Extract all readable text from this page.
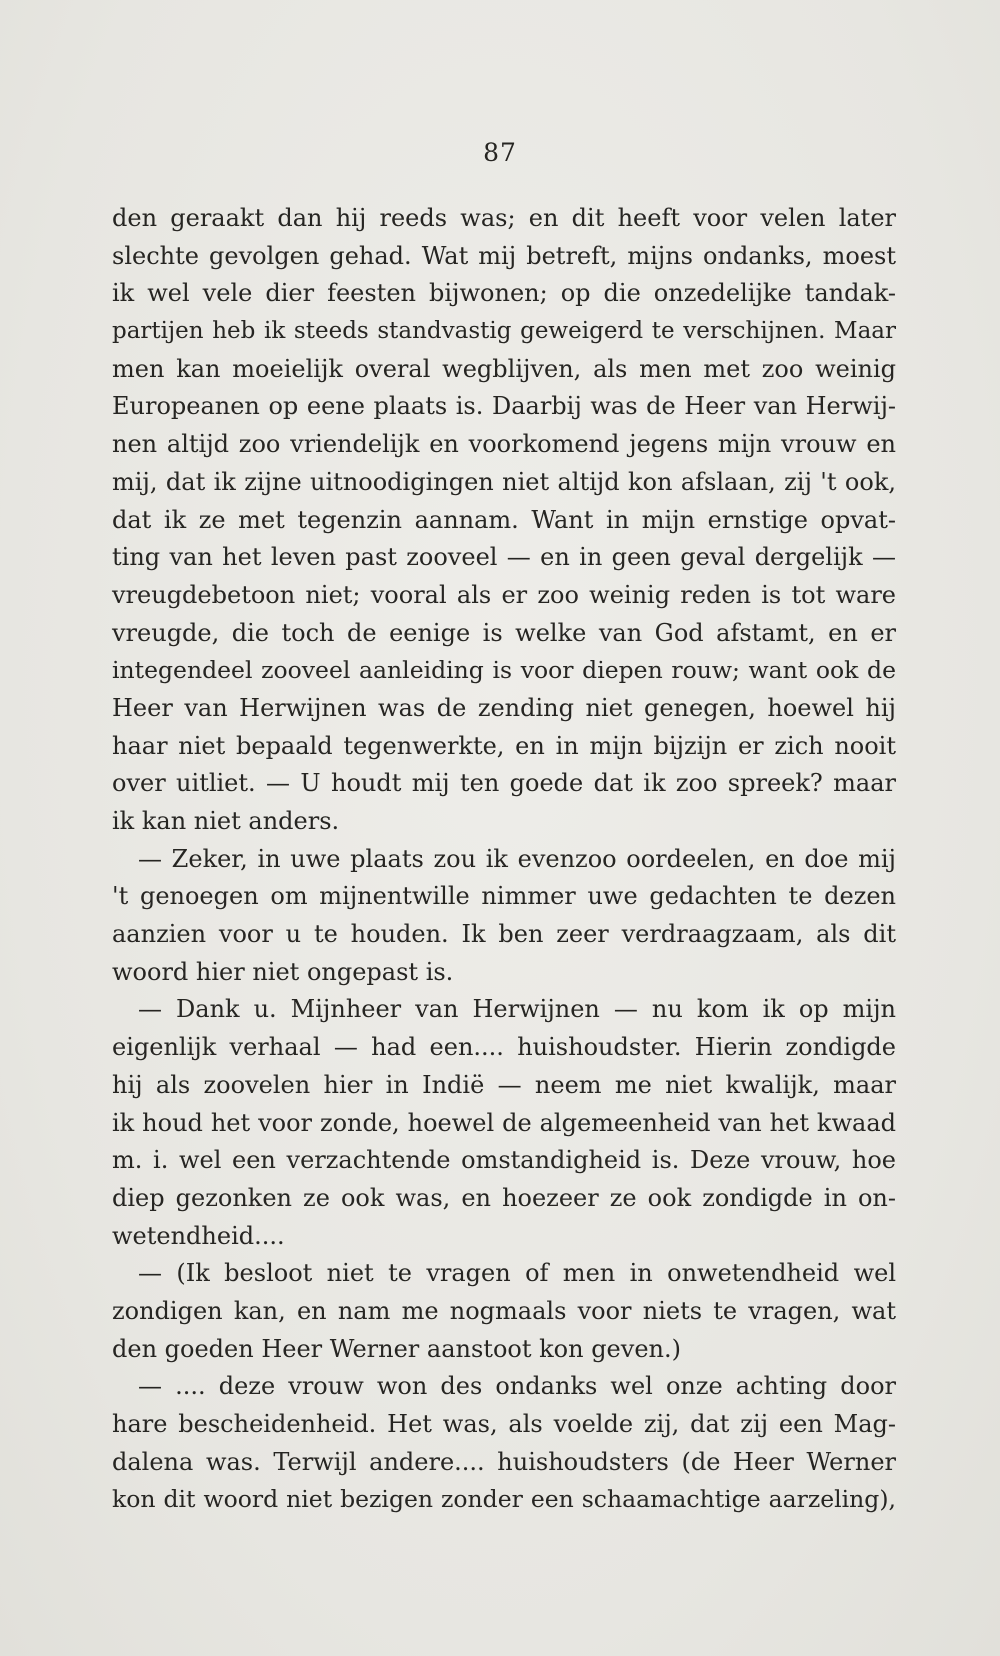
87
den geraakt dan hij reeds was; en dit heeft voor velen later
slechte gevolgen gehad. Wat mij betreft, mijns ondanks, moest
ik wel vele dier feesten bijwonen; op die onzedelijke tandak-
partijen heb ik steeds standvastig geweigerd te verschijnen. Maar
men kan moeielijk overal wegblijven, als men met zoo weinig
Europeanen op eene plaats is. Daarbij was de Heer van Herwij-
nen altijd zoo vriendelijk en voorkomend jegens mijn vrouw en
mij, dat ik zijne uitnoodigingen niet altijd kon afslaan, zij 't ook,
dat ik ze met tegenzin aannam. Want in mijn ernstige opvat-
ting van het leven past zooveel — en in geen geval dergelijk —
vreugdebetoon niet; vooral als er zoo weinig reden is tot ware
vreugde, die toch de eenige is welke van God afstamt, en er
integendeel zooveel aanleiding is voor diepen rouw; want ook de
Heer van Herwijnen was de zending niet genegen, hoewel hij
haar niet bepaald tegenwerkte, en in mijn bijzijn er zich nooit
over uitliet. — U houdt mij ten goede dat ik zoo spreek? maar
ik kan niet anders.
— Zeker, in uwe plaats zou ik evenzoo oordeelen, en doe mij
't genoegen om mijnentwille nimmer uwe gedachten te dezen
aanzien voor u te houden. Ik ben zeer verdraagzaam, als dit
woord hier niet ongepast is.
— Dank u. Mijnheer van Herwijnen — nu kom ik op mijn
eigenlijk verhaal — had een.... huishoudster. Hierin zondigde
hij als zoovelen hier in Indië — neem me niet kwalijk, maar
ik houd het voor zonde, hoewel de algemeenheid van het kwaad
m. i. wel een verzachtende omstandigheid is. Deze vrouw, hoe
diep gezonken ze ook was, en hoezeer ze ook zondigde in on-
wetendheid....
— (Ik besloot niet te vragen of men in onwetendheid wel
zondigen kan, en nam me nogmaals voor niets te vragen, wat
den goeden Heer Werner aanstoot kon geven.)
— .... deze vrouw won des ondanks wel onze achting door
hare bescheidenheid. Het was, als voelde zij, dat zij een Mag-
dalena was. Terwijl andere.... huishoudsters (de Heer Werner
kon dit woord niet bezigen zonder een schaamachtige aarzeling),
